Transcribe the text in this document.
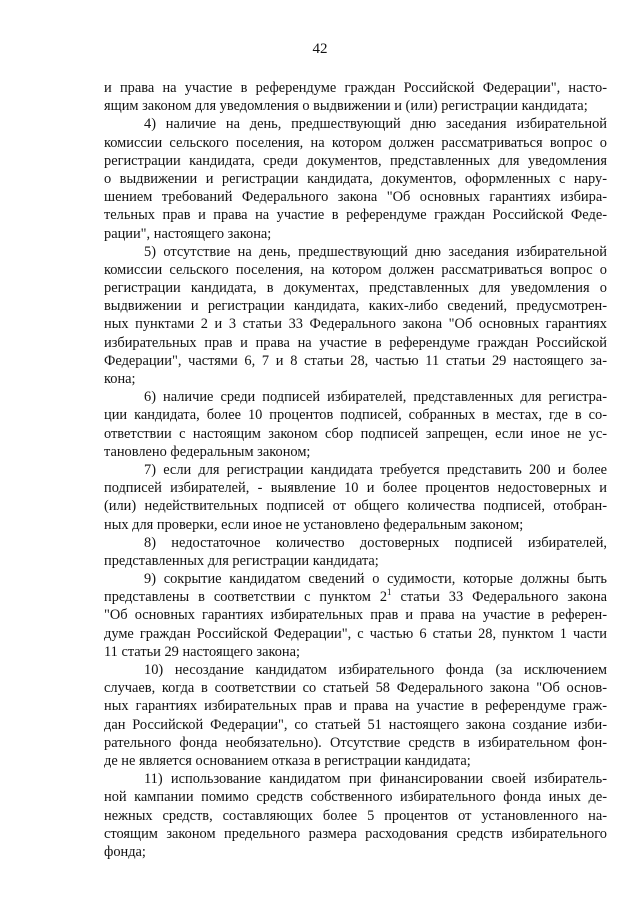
42
и права на участие в референдуме граждан Российской Федерации", насто-
ящим законом для уведомления о выдвижении и (или) регистрации кандидата;
4) наличие на день, предшествующий дню заседания избирательной
комиссии сельского поселения, на котором должен рассматриваться вопрос о
регистрации кандидата, среди документов, представленных для уведомления
о выдвижении и регистрации кандидата, документов, оформленных с нару-
шением требований Федерального закона "Об основных гарантиях избира-
тельных прав и права на участие в референдуме граждан Российской Феде-
рации", настоящего закона;
5) отсутствие на день, предшествующий дню заседания избирательной
комиссии сельского поселения, на котором должен рассматриваться вопрос о
регистрации кандидата, в документах, представленных для уведомления о
выдвижении и регистрации кандидата, каких-либо сведений, предусмотрен-
ных пунктами 2 и 3 статьи 33 Федерального закона "Об основных гарантиях
избирательных прав и права на участие в референдуме граждан Российской
Федерации", частями 6, 7 и 8 статьи 28, частью 11 статьи 29 настоящего за-
кона;
6) наличие среди подписей избирателей, представленных для регистра-
ции кандидата, более 10 процентов подписей, собранных в местах, где в со-
ответствии с настоящим законом сбор подписей запрещен, если иное не ус-
тановлено федеральным законом;
7) если для регистрации кандидата требуется представить 200 и более
подписей избирателей, - выявление 10 и более процентов недостоверных и
(или) недействительных подписей от общего количества подписей, отобран-
ных для проверки, если иное не установлено федеральным законом;
8) недостаточное количество достоверных подписей избирателей,
представленных для регистрации кандидата;
9) сокрытие кандидатом сведений о судимости, которые должны быть
представлены в соответствии с пунктом $2^1$ статьи 33 Федерального закона
"Об основных гарантиях избирательных прав и права на участие в референ-
думе граждан Российской Федерации", с частью 6 статьи 28, пунктом 1 части
11 статьи 29 настоящего закона;
10) несоздание кандидатом избирательного фонда (за исключением
случаев, когда в соответствии со статьей 58 Федерального закона "Об основ-
ных гарантиях избирательных прав и права на участие в референдуме граж-
дан Российской Федерации", со статьей 51 настоящего закона создание изби-
рательного фонда необязательно). Отсутствие средств в избирательном фон-
де не является основанием отказа в регистрации кандидата;
11) использование кандидатом при финансировании своей избиратель-
ной кампании помимо средств собственного избирательного фонда иных де-
нежных средств, составляющих более 5 процентов от установленного на-
стоящим законом предельного размера расходования средств избирательного
фонда;
